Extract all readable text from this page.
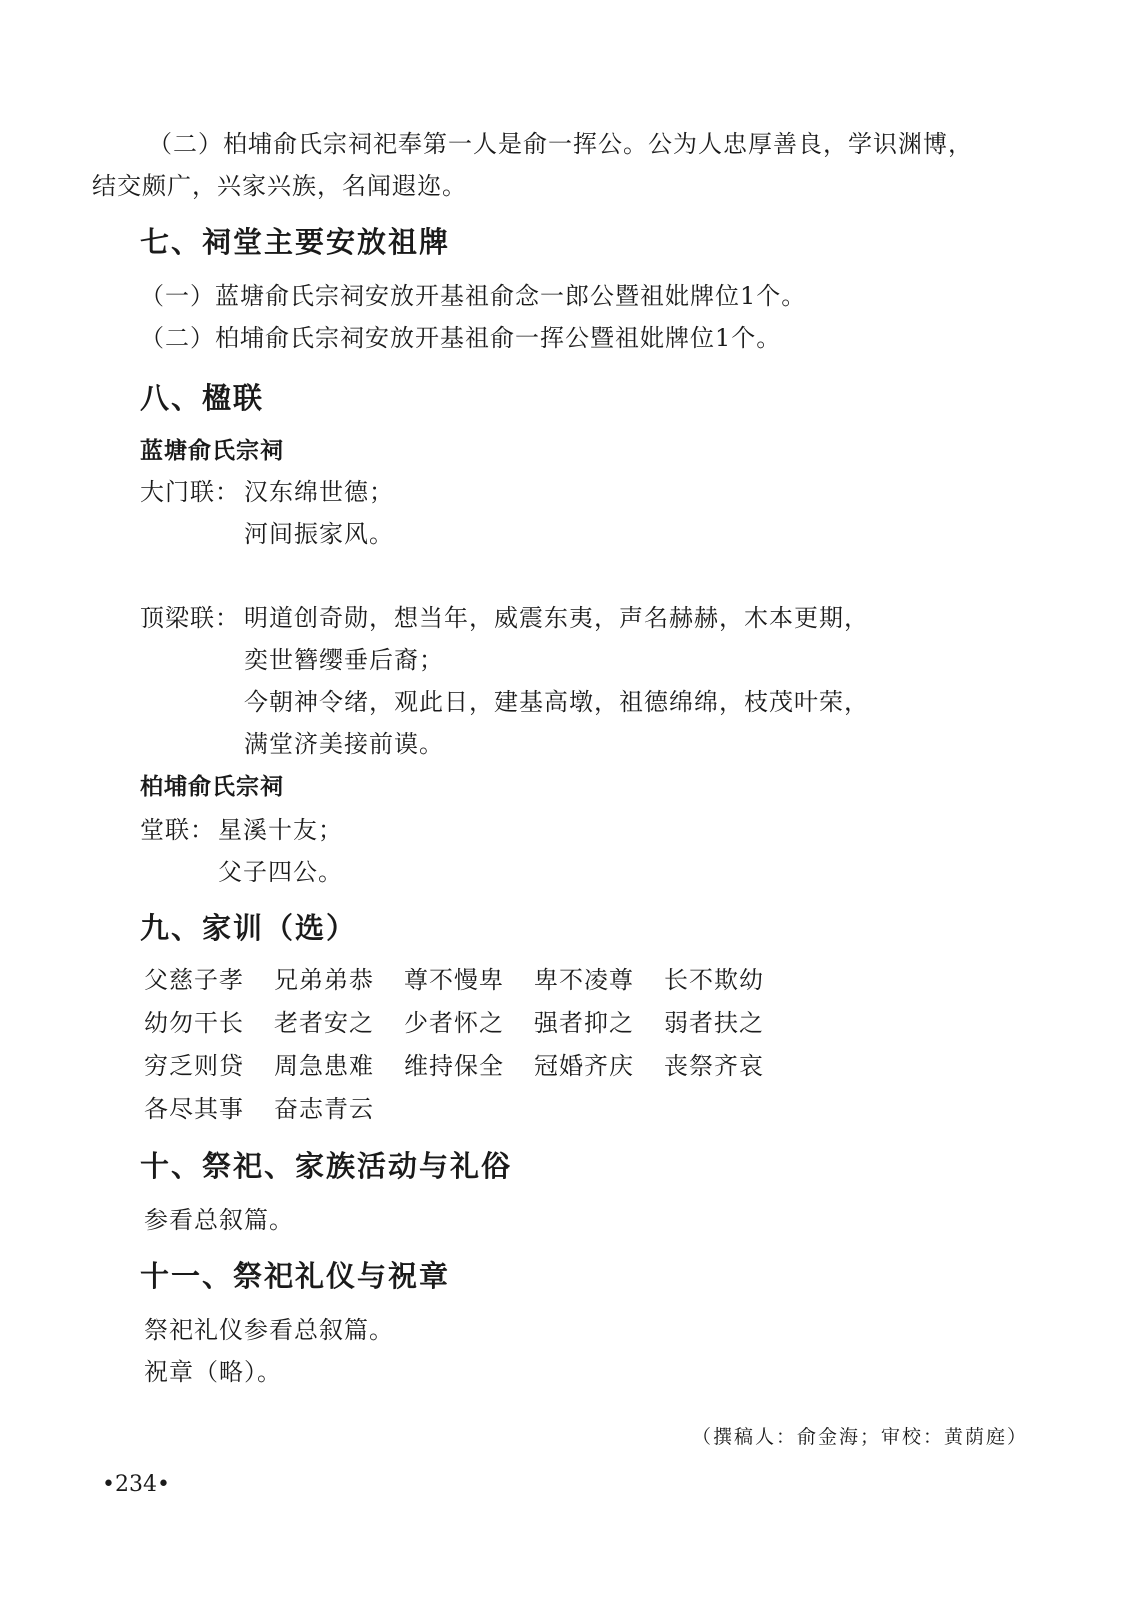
（二）柏埔俞氏宗祠祀奉第一人是俞一挥公。公为人忠厚善良，学识渊博，
结交颇广，兴家兴族，名闻遐迩。
七、祠堂主要安放祖牌
（一）蓝塘俞氏宗祠安放开基祖俞念一郎公暨祖妣牌位1个。
（二）柏埔俞氏宗祠安放开基祖俞一挥公暨祖妣牌位1个。
八、楹联
蓝塘俞氏宗祠
大门联： 汉东绵世德；
河间振家风。
顶梁联： 明道创奇勋，想当年，威震东夷，声名赫赫，木本更期，
奕世簪缨垂后裔；
今朝神令绪，观此日，建基高墩，祖德绵绵，枝茂叶荣，
满堂济美接前谟。
柏埔俞氏宗祠
堂联： 星溪十友；
父子四公。
九、家训（选）
父慈子孝 兄弟弟恭 尊不慢卑 卑不凌尊 长不欺幼
幼勿干长 老者安之 少者怀之 强者抑之 弱者扶之
穷乏则贷 周急患难 维持保全 冠婚齐庆 丧祭齐哀
各尽其事 奋志青云
十、祭祀、家族活动与礼俗
参看总叙篇。
十一、祭祀礼仪与祝章
祭祀礼仪参看总叙篇。
祝章（略）。
（撰稿人：俞金海；审校：黄荫庭）
•234•
